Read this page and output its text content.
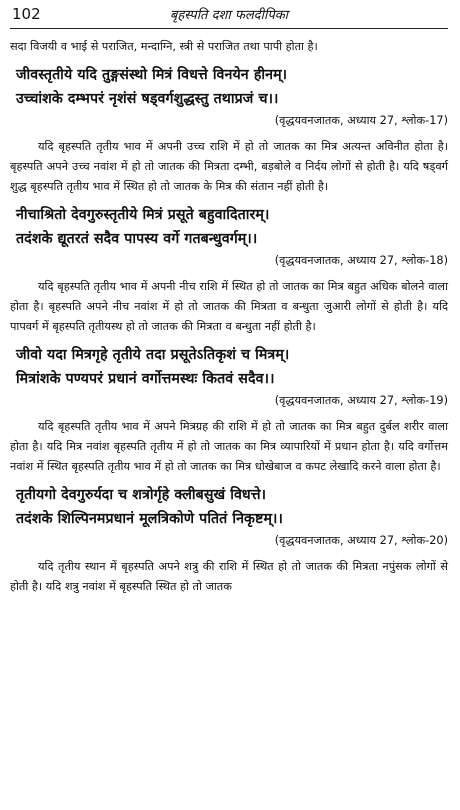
102	बृहस्पति दशा फलदीपिका

सदा विजयी व भाई से पराजित, मन्दाग्नि, स्त्री से पराजित तथा पापी होता है।

जीवस्तृतीये यदि तुङ्गसंस्थो मित्रं विधत्ते विनयेन हीनम्।
उच्चांशके दम्भपरं नृशंसं षड्वर्गशुद्धस्तु तथाप्रजं च।।
(वृद्धयवनजातक, अध्याय 27, श्लोक-17)

यदि बृहस्पति तृतीय भाव में अपनी उच्च राशि में हो तो जातक का मित्र अत्यन्त अविनीत होता है। बृहस्पति अपने उच्च नवांश में हो तो जातक की मित्रता दम्भी, बड़बोले व निर्दय लोगों से होती है। यदि षड्वर्ग शुद्ध बृहस्पति तृतीय भाव में स्थित हो तो जातक के मित्र की संतान नहीं होती है।

नीचाश्रितो देवगुरुस्तृतीये मित्रं प्रसूते बहुवादितारम्।
तदंशके द्यूतरतं सदैव पापस्य वर्गे गतबन्धुवर्गम्।।
(वृद्धयवनजातक, अध्याय 27, श्लोक-18)

यदि बृहस्पति तृतीय भाव में अपनी नीच राशि में स्थित हो तो जातक का मित्र बहुत अधिक बोलने वाला होता है। बृहस्पति अपने नीच नवांश में हो तो जातक की मित्रता व बन्धुता जुआरी लोगों से होती है। यदि पापवर्ग में बृहस्पति तृतीयस्थ हो तो जातक की मित्रता व बन्धुता नहीं होती है।

जीवो यदा मित्रगृहे तृतीये तदा प्रसूतेऽतिकृशं च मित्रम्।
मित्रांशके पण्यपरं प्रधानं वर्गोत्तमस्थः कितवं सदैव।।
(वृद्धयवनजातक, अध्याय 27, श्लोक-19)

यदि बृहस्पति तृतीय भाव में अपने मित्रग्रह की राशि में हो तो जातक का मित्र बहुत दुर्बल शरीर वाला होता है। यदि मित्र नवांश बृहस्पति तृतीय में हो तो जातक का मित्र व्यापारियों में प्रधान होता है। यदि वर्गोत्तम नवांश में स्थित बृहस्पति तृतीय भाव में हो तो जातक का मित्र धोखेबाज व कपट लेखादि करने वाला होता है।

तृतीयगो देवगुरुर्यदा च शत्रोर्गृहे क्लीबसुखं विधत्ते।
तदंशके शिल्पिनमप्रधानं मूलत्रिकोणे पतितं निकृष्टम्।।
(वृद्धयवनजातक, अध्याय 27, श्लोक-20)

यदि तृतीय स्थान में बृहस्पति अपने शत्रु की राशि में स्थित हो तो जातक की मित्रता नपुंसक लोगों से होती है। यदि शत्रु नवांश में बृहस्पति स्थित हो तो जातक
